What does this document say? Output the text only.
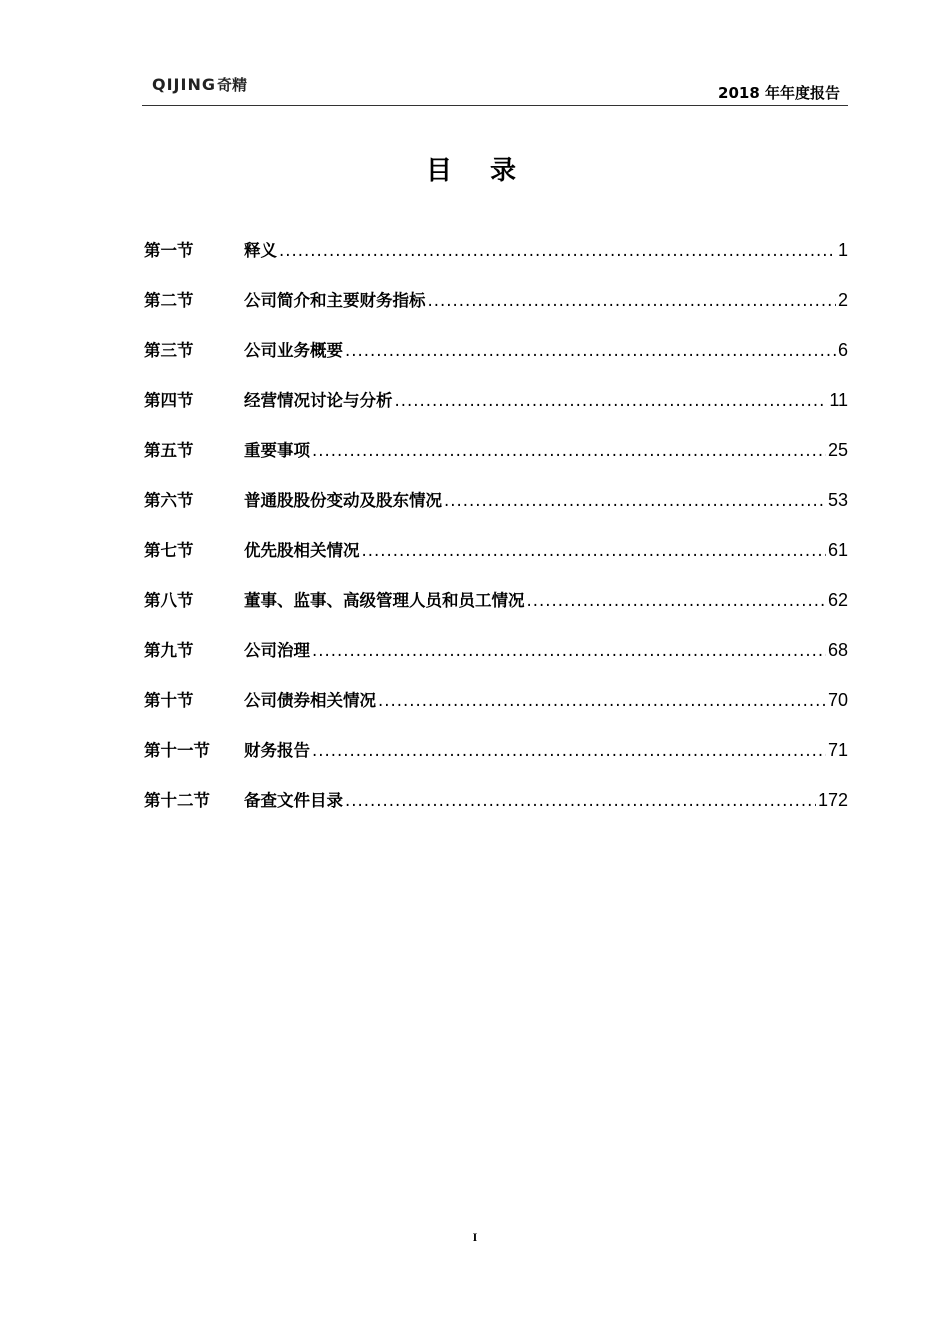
QIJING 奇精	2018 年年度报告
目录
第一节	释义 .....	1
第二节	公司简介和主要财务指标 .....	2
第三节	公司业务概要 .....	6
第四节	经营情况讨论与分析 .....	11
第五节	重要事项 .....	25
第六节	普通股股份变动及股东情况 .....	53
第七节	优先股相关情况 .....	61
第八节	董事、监事、高级管理人员和员工情况 .....	62
第九节	公司治理 .....	68
第十节	公司债券相关情况 .....	70
第十一节	财务报告 .....	71
第十二节	备查文件目录 .....	172
I
